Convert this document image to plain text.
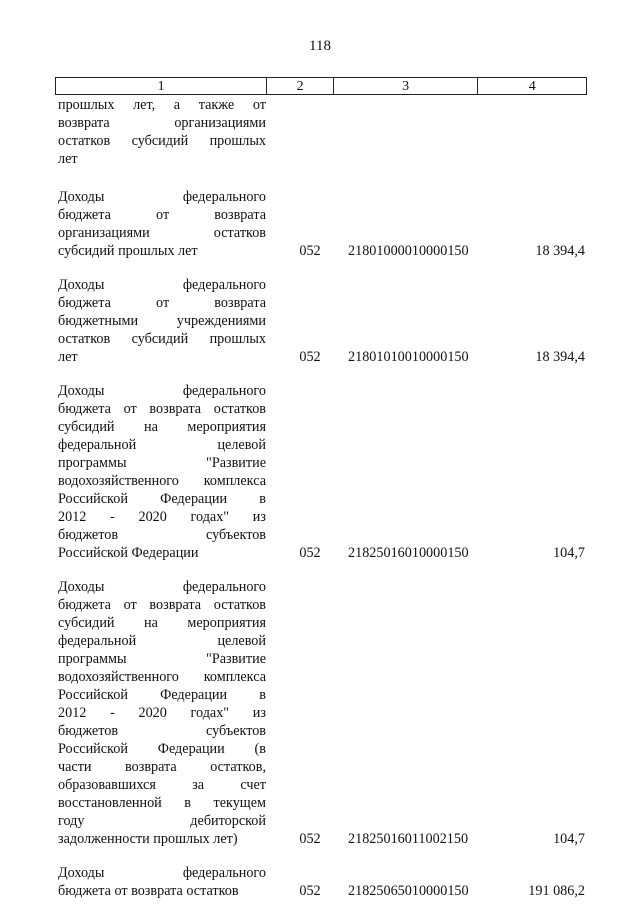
118
1	2	3	4
прошлых лет, а также от
возврата организациями
остатков субсидий прошлых
лет
Доходы федерального
бюджета от возврата
организациями остатков
субсидий прошлых лет	052	21801000010000150	18 394,4
Доходы федерального
бюджета от возврата
бюджетными учреждениями
остатков субсидий прошлых
лет	052	21801010010000150	18 394,4
Доходы федерального
бюджета от возврата остатков
субсидий на мероприятия
федеральной целевой
программы "Развитие
водохозяйственного комплекса
Российской Федерации в
2012 - 2020 годах" из
бюджетов субъектов
Российской Федерации	052	21825016010000150	104,7
Доходы федерального
бюджета от возврата остатков
субсидий на мероприятия
федеральной целевой
программы "Развитие
водохозяйственного комплекса
Российской Федерации в
2012 - 2020 годах" из
бюджетов субъектов
Российской Федерации (в
части возврата остатков,
образовавшихся за счет
восстановленной в текущем
году дебиторской
задолженности прошлых лет)	052	21825016011002150	104,7
Доходы федерального
бюджета от возврата остатков	052	21825065010000150	191 086,2
